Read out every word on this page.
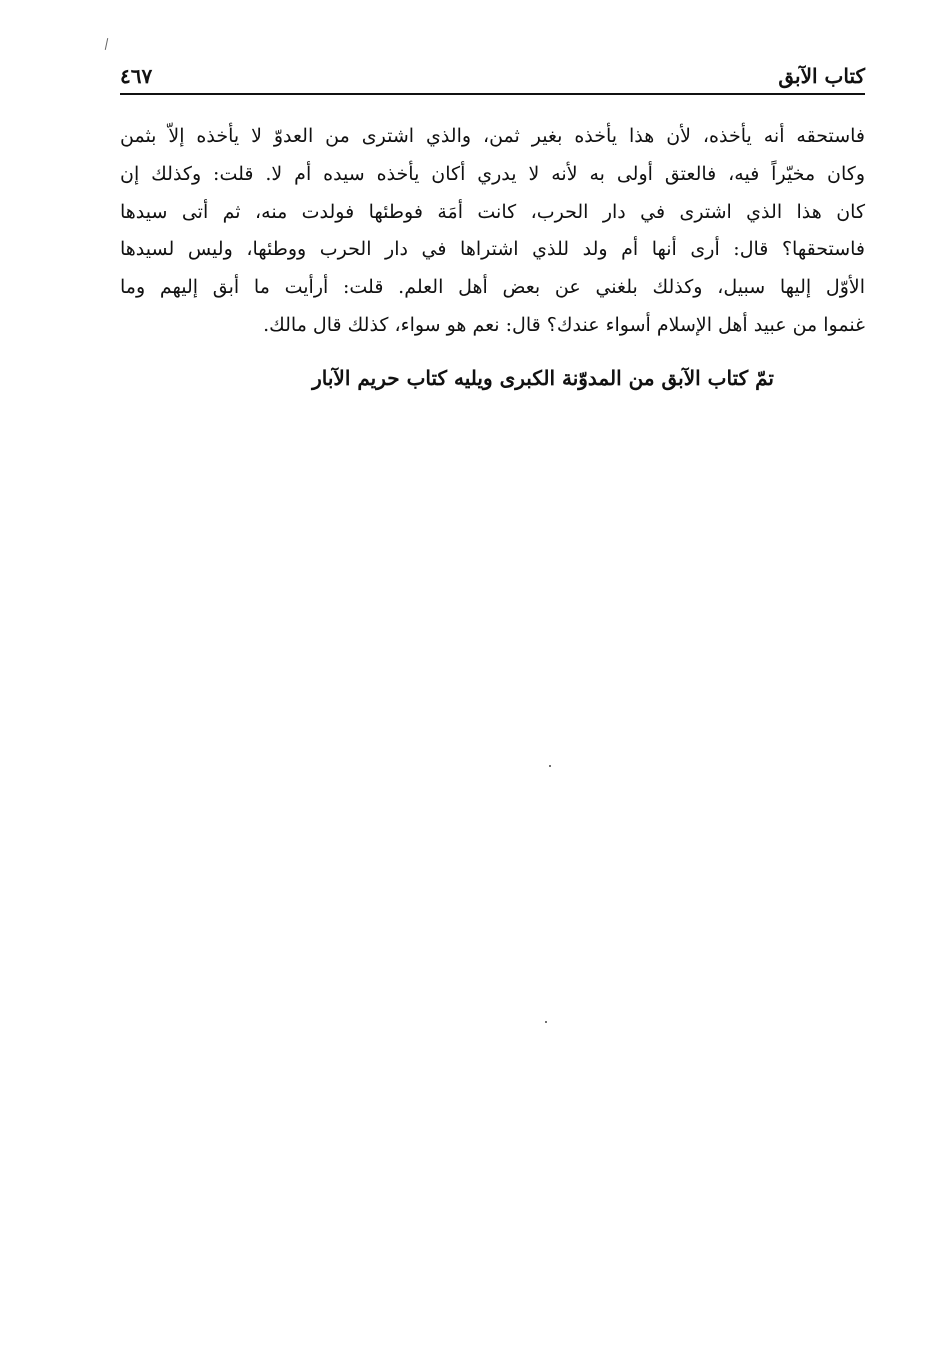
كتاب الآبق
٤٦٧
فاستحقه أنه يأخذه، لأن هذا يأخذه بغير ثمن، والذي اشترى من العدوّ لا يأخذه إلاّ بثمن
وكان مخيّراً فيه، فالعتق أولى به لأنه لا يدري أكان يأخذه سيده أم لا. قلت: وكذلك إن
كان هذا الذي اشترى في دار الحرب، كانت أمَة فوطئها فولدت منه، ثم أتى سيدها
فاستحقها؟ قال: أرى أنها أم ولد للذي اشتراها في دار الحرب ووطئها، وليس لسيدها
الأوّل إليها سبيل، وكذلك بلغني عن بعض أهل العلم. قلت: أرأيت ما أبق إليهم وما
غنموا من عبيد أهل الإسلام أسواء عندك؟ قال: نعم هو سواء، كذلك قال مالك.
تمّ كتاب الآبق من المدوّنة الكبرى ويليه كتاب حريم الآبار
